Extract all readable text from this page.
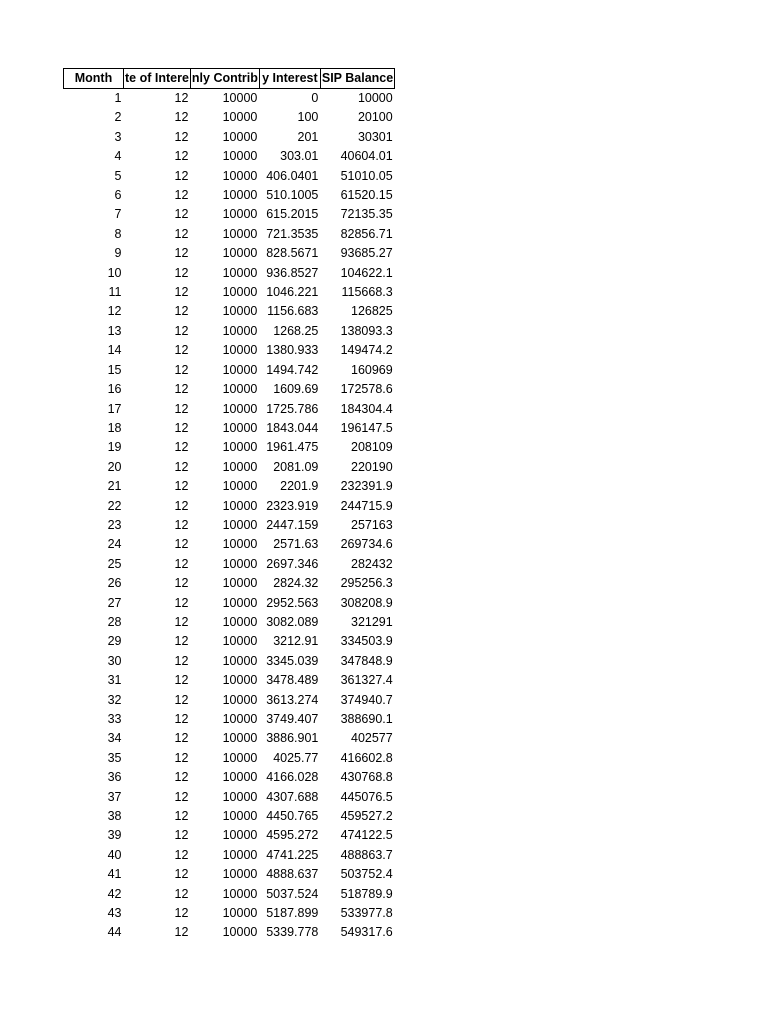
Month	te of Intere	nly Contrib	y Interest	SIP Balance
1	12	10000	0	10000
2	12	10000	100	20100
3	12	10000	201	30301
4	12	10000	303.01	40604.01
5	12	10000	406.0401	51010.05
6	12	10000	510.1005	61520.15
7	12	10000	615.2015	72135.35
8	12	10000	721.3535	82856.71
9	12	10000	828.5671	93685.27
10	12	10000	936.8527	104622.1
11	12	10000	1046.221	115668.3
12	12	10000	1156.683	126825
13	12	10000	1268.25	138093.3
14	12	10000	1380.933	149474.2
15	12	10000	1494.742	160969
16	12	10000	1609.69	172578.6
17	12	10000	1725.786	184304.4
18	12	10000	1843.044	196147.5
19	12	10000	1961.475	208109
20	12	10000	2081.09	220190
21	12	10000	2201.9	232391.9
22	12	10000	2323.919	244715.9
23	12	10000	2447.159	257163
24	12	10000	2571.63	269734.6
25	12	10000	2697.346	282432
26	12	10000	2824.32	295256.3
27	12	10000	2952.563	308208.9
28	12	10000	3082.089	321291
29	12	10000	3212.91	334503.9
30	12	10000	3345.039	347848.9
31	12	10000	3478.489	361327.4
32	12	10000	3613.274	374940.7
33	12	10000	3749.407	388690.1
34	12	10000	3886.901	402577
35	12	10000	4025.77	416602.8
36	12	10000	4166.028	430768.8
37	12	10000	4307.688	445076.5
38	12	10000	4450.765	459527.2
39	12	10000	4595.272	474122.5
40	12	10000	4741.225	488863.7
41	12	10000	4888.637	503752.4
42	12	10000	5037.524	518789.9
43	12	10000	5187.899	533977.8
44	12	10000	5339.778	549317.6
